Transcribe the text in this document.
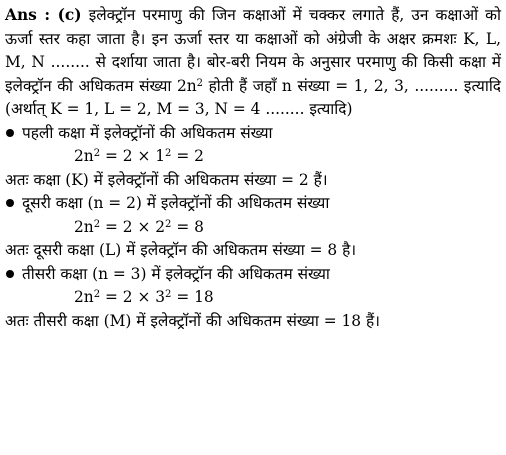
Ans : (c) इलेक्ट्रॉन परमाणु की जिन कक्षाओं में चक्कर लगाते हैं, उन कक्षाओं को ऊर्जा स्तर कहा जाता है। इन ऊर्जा स्तर या कक्षाओं को अंग्रेजी के अक्षर क्रमशः K, L, M, N ........ से दर्शाया जाता है। बोर-बरी नियम के अनुसार परमाणु की किसी कक्षा में इलेक्ट्रॉन की अधिकतम संख्या $2n^2$ होती हैं जहाँ n संख्या = 1, 2, 3, ......... इत्यादि (अर्थात् K = 1, L = 2, M = 3, N = 4 ........ इत्यादि)

पहली कक्षा में इलेक्ट्रॉनों की अधिकतम संख्या

$2n^2 = 2 \times 1^2 = 2$

अतः कक्षा (K) में इलेक्ट्रॉनों की अधिकतम संख्या = 2 हैं।

दूसरी कक्षा (n = 2) में इलेक्ट्रॉनों की अधिकतम संख्या

$2n^2 = 2 \times 2^2 = 8$

अतः दूसरी कक्षा (L) में इलेक्ट्रॉन की अधिकतम संख्या = 8 है।

तीसरी कक्षा (n = 3) में इलेक्ट्रॉन की अधिकतम संख्या

$2n^2 = 2 \times 3^2 = 18$

अतः तीसरी कक्षा (M) में इलेक्ट्रॉनों की अधिकतम संख्या = 18 हैं।
